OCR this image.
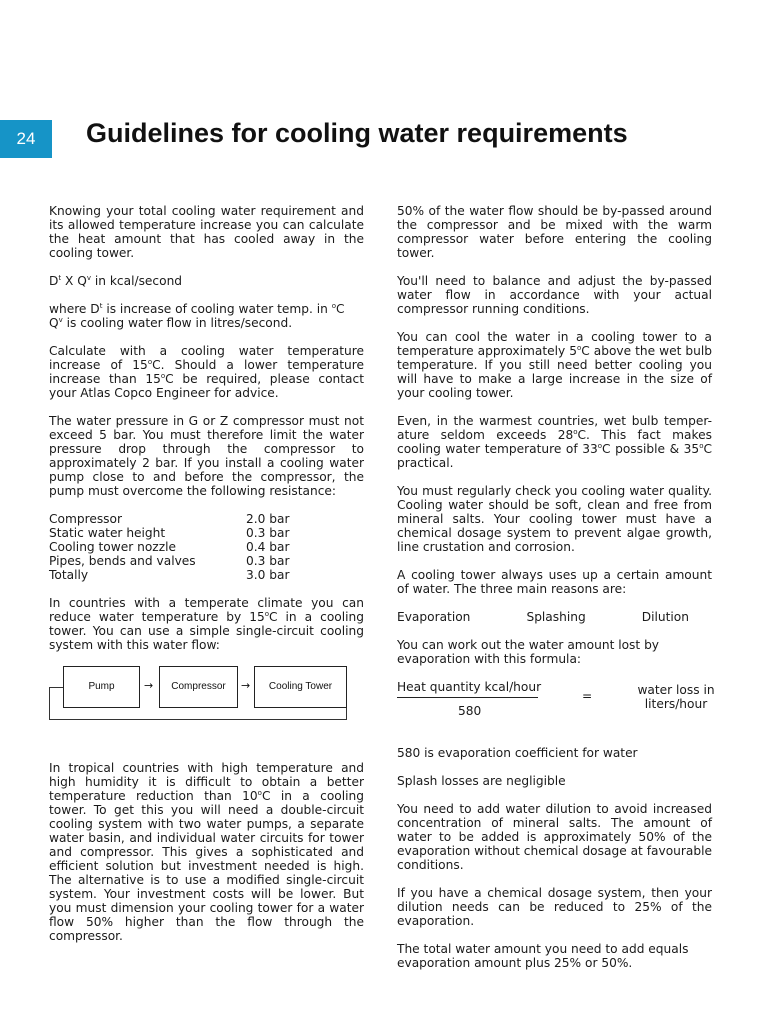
24	Guidelines for cooling water requirements

Knowing your total cooling water requirement and its allowed temperature increase you can calculate the heat amount that has cooled away in the cooling tower.

$D^t$ X $Q^v$ in kcal/second

where $D^t$ is increase of cooling water temp. in $^o$C

$Q^v$ is cooling water flow in litres/second.

Calculate with a cooling water temperature increase of 15$^o$C. Should a lower temperature increase than 15$^o$C be required, please contact your Atlas Copco Engineer for advice.

The water pressure in G or Z compressor must not exceed 5 bar. You must therefore limit the water pressure drop through the compressor to approximately 2 bar. If you install a cooling water pump close to and before the compressor, the pump must overcome the following resistance:

Compressor	2.0 bar
Static water height	0.3 bar
Cooling tower nozzle	0.4 bar
Pipes, bends and valves	0.3 bar
Totally	3.0 bar

In countries with a temperate climate you can reduce water temperature by 15$^o$C in a cooling tower. You can use a simple single-circuit cooling system with this water flow:

Pump	→	Compressor	→	Cooling Tower

In tropical countries with high temperature and high humidity it is difficult to obtain a better temperature reduction than 10$^o$C in a cooling tower. To get this you will need a double-circuit cooling system with two water pumps, a separate water basin, and individual water circuits for tower and compressor. This gives a sophisticated and efficient solution but investment needed is high. The alternative is to use a modified single-circuit system. Your investment costs will be lower. But you must dimension your cooling tower for a water flow 50% higher than the flow through the compressor.

50% of the water flow should be by-passed around the compressor and be mixed with the warm compressor water before entering the cooling tower.

You'll need to balance and adjust the by-passed water flow in accordance with your actual compressor running conditions.

You can cool the water in a cooling tower to a temperature approximately 5$^o$C above the wet bulb temperature. If you still need better cooling you will have to make a large increase in the size of your cooling tower.

Even, in the warmest countries, wet bulb temper-ature seldom exceeds 28$^o$C. This fact makes cooling water temperature of 33$^o$C possible & 35$^o$C practical.

You must regularly check you cooling water quality. Cooling water should be soft, clean and free from mineral salts. Your cooling tower must have a chemical dosage system to prevent algae growth, line crustation and corrosion.

A cooling tower always uses up a certain amount of water. The three main reasons are:

Evaporation	Splashing	Dilution

You can work out the water amount lost by evaporation with this formula:

Heat quantity kcal/hour
580
=	water loss in liters/hour

580 is evaporation coefficient for water

Splash losses are negligible

You need to add water dilution to avoid increased concentration of mineral salts. The amount of water to be added is approximately 50% of the evaporation without chemical dosage at favourable conditions.

If you have a chemical dosage system, then your dilution needs can be reduced to 25% of the evaporation.

The total water amount you need to add equals evaporation amount plus 25% or 50%.
